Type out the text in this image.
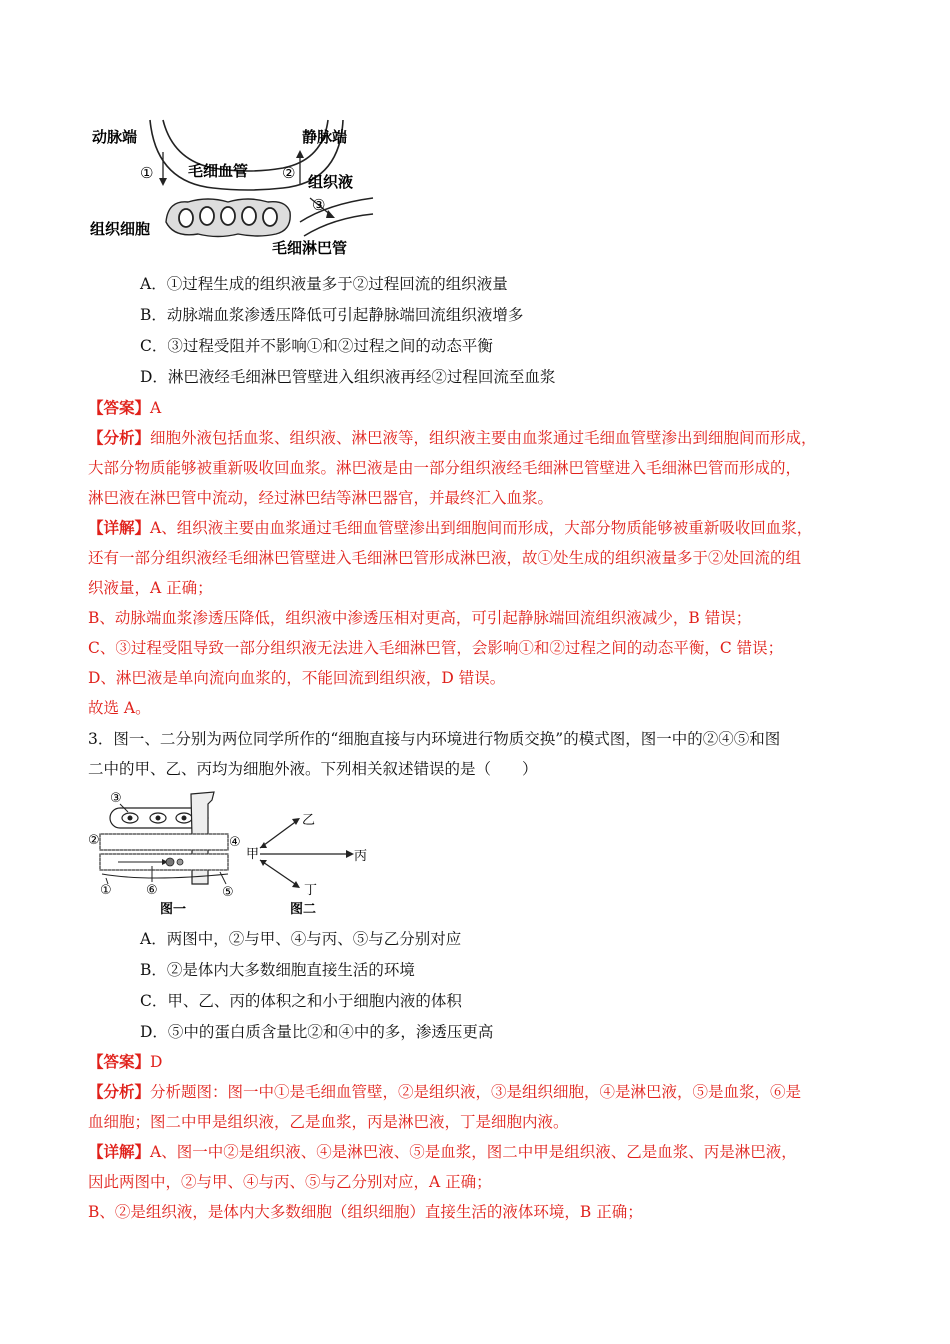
动脉端	静脉端
毛细血管
①	② 组织液
组织细胞
③
毛细淋巴管
A．①过程生成的组织液量多于②过程回流的组织液量
B．动脉端血浆渗透压降低可引起静脉端回流组织液增多
C．③过程受阻并不影响①和②过程之间的动态平衡
D．淋巴液经毛细淋巴管壁进入组织液再经②过程回流至血浆
【答案】A
【分析】细胞外液包括血浆、组织液、淋巴液等，组织液主要由血浆通过毛细血管壁渗出到细胞间而形成，
大部分物质能够被重新吸收回血浆。淋巴液是由一部分组织液经毛细淋巴管壁进入毛细淋巴管而形成的，
淋巴液在淋巴管中流动，经过淋巴结等淋巴器官，并最终汇入血浆。
【详解】A、组织液主要由血浆通过毛细血管壁渗出到细胞间而形成，大部分物质能够被重新吸收回血浆，
还有一部分组织液经毛细淋巴管壁进入毛细淋巴管形成淋巴液，故①处生成的组织液量多于②处回流的组
织液量，A 正确；
B、动脉端血浆渗透压降低，组织液中渗透压相对更高，可引起静脉端回流组织液减少，B 错误；
C、③过程受阻导致一部分组织液无法进入毛细淋巴管，会影响①和②过程之间的动态平衡，C 错误；
D、淋巴液是单向流向血浆的，不能回流到组织液，D 错误。
故选 A。
3．图一、二分别为两位同学所作的“细胞直接与内环境进行物质交换”的模式图，图一中的②④⑤和图
二中的甲、乙、丙均为细胞外液。下列相关叙述错误的是（　　）
③
②	④
①	⑥	⑤
图一
甲
乙
丙
丁
图二
A．两图中，②与甲、④与丙、⑤与乙分别对应
B．②是体内大多数细胞直接生活的环境
C．甲、乙、丙的体积之和小于细胞内液的体积
D．⑤中的蛋白质含量比②和④中的多，渗透压更高
【答案】D
【分析】分析题图：图一中①是毛细血管壁，②是组织液，③是组织细胞，④是淋巴液，⑤是血浆，⑥是
血细胞；图二中甲是组织液，乙是血浆，丙是淋巴液，丁是细胞内液。
【详解】A、图一中②是组织液、④是淋巴液、⑤是血浆，图二中甲是组织液、乙是血浆、丙是淋巴液，
因此两图中，②与甲、④与丙、⑤与乙分别对应，A 正确；
B、②是组织液，是体内大多数细胞（组织细胞）直接生活的液体环境，B 正确；
